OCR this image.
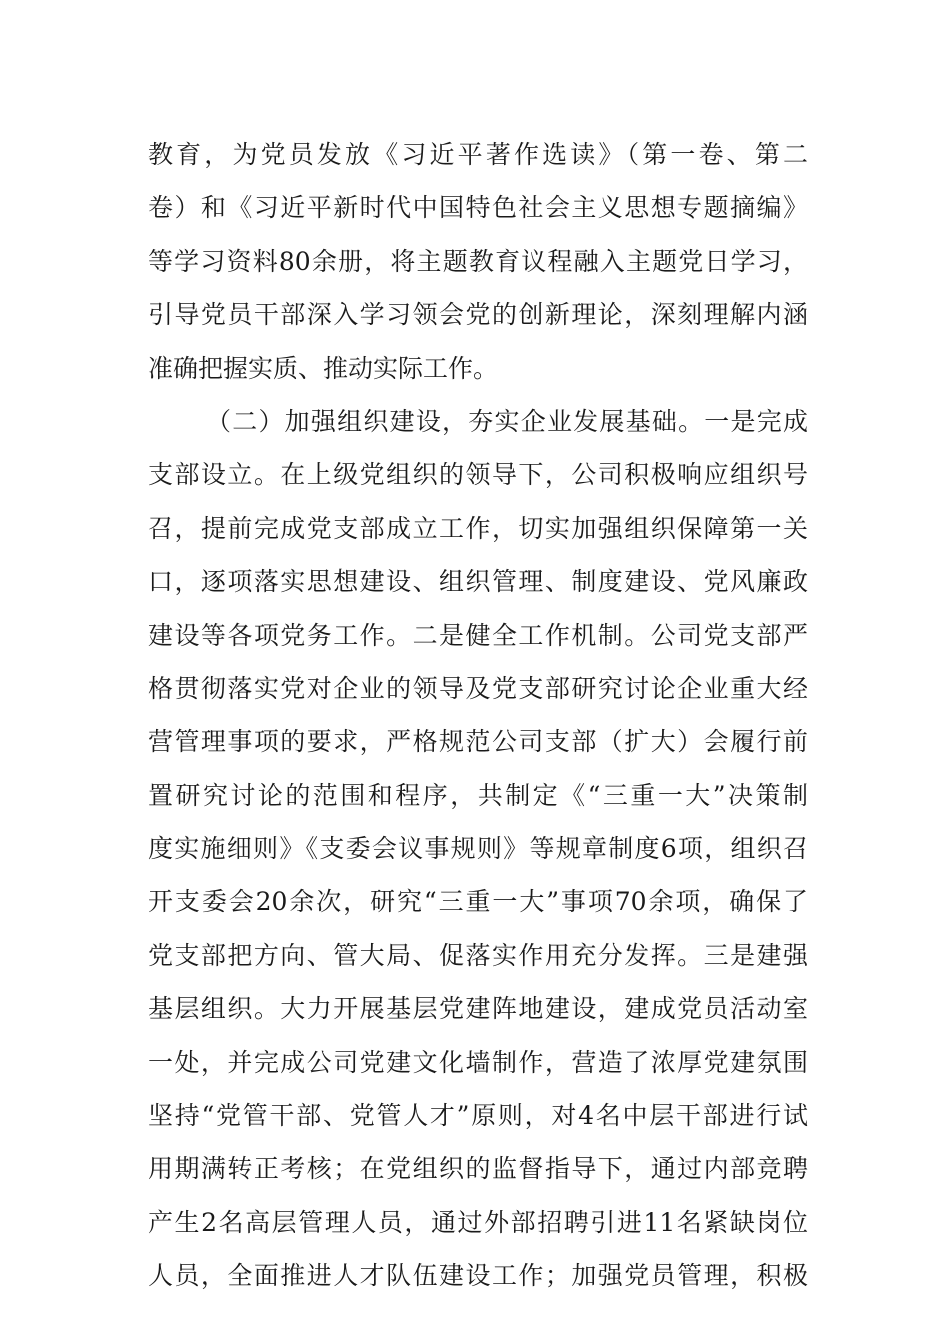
教育，为党员发放《习近平著作选读》（第一卷、第二
卷）和《习近平新时代中国特色社会主义思想专题摘编》
等学习资料80余册，将主题教育议程融入主题党日学习，
引导党员干部深入学习领会党的创新理论，深刻理解内涵
准确把握实质、推动实际工作。
（二）加强组织建设，夯实企业发展基础。一是完成
支部设立。在上级党组织的领导下，公司积极响应组织号
召，提前完成党支部成立工作，切实加强组织保障第一关
口，逐项落实思想建设、组织管理、制度建设、党风廉政
建设等各项党务工作。二是健全工作机制。公司党支部严
格贯彻落实党对企业的领导及党支部研究讨论企业重大经
营管理事项的要求，严格规范公司支部（扩大）会履行前
置研究讨论的范围和程序，共制定《“三重一大”决策制
度实施细则》《支委会议事规则》等规章制度6项，组织召
开支委会20余次，研究“三重一大”事项70余项，确保了
党支部把方向、管大局、促落实作用充分发挥。三是建强
基层组织。大力开展基层党建阵地建设，建成党员活动室
一处，并完成公司党建文化墙制作，营造了浓厚党建氛围
坚持“党管干部、党管人才”原则，对4名中层干部进行试
用期满转正考核；在党组织的监督指导下，通过内部竞聘
产生2名高层管理人员，通过外部招聘引进11名紧缺岗位
人员，全面推进人才队伍建设工作；加强党员管理，积极
